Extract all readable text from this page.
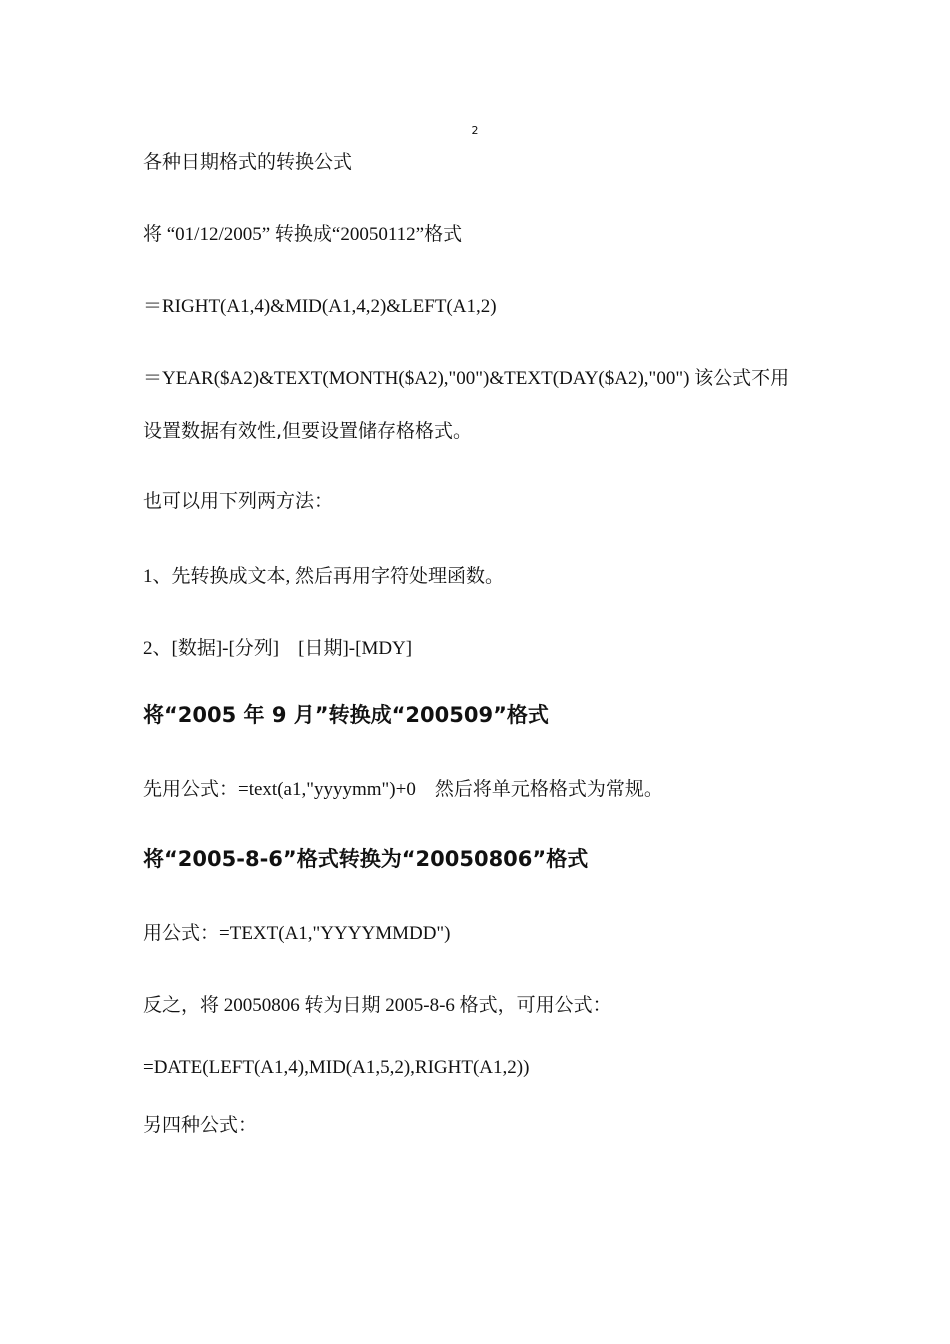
2
各种日期格式的转换公式
将 “01/12/2005” 转换成“20050112”格式
＝RIGHT(A1,4)&MID(A1,4,2)&LEFT(A1,2)
＝YEAR($A2)&TEXT(MONTH($A2),"00")&TEXT(DAY($A2),"00") 该公式不用
设置数据有效性,但要设置储存格格式。
也可以用下列两方法：
1、先转换成文本, 然后再用字符处理函数。
2、[数据]-[分列]　[日期]-[MDY]
将“2005 年 9 月”转换成“200509”格式
先用公式：=text(a1,"yyyymm")+0　然后将单元格格式为常规。
将“2005-8-6”格式转换为“20050806”格式
用公式：=TEXT(A1,"YYYYMMDD")
反之，将 20050806 转为日期 2005-8-6 格式，可用公式：
=DATE(LEFT(A1,4),MID(A1,5,2),RIGHT(A1,2))
另四种公式：
